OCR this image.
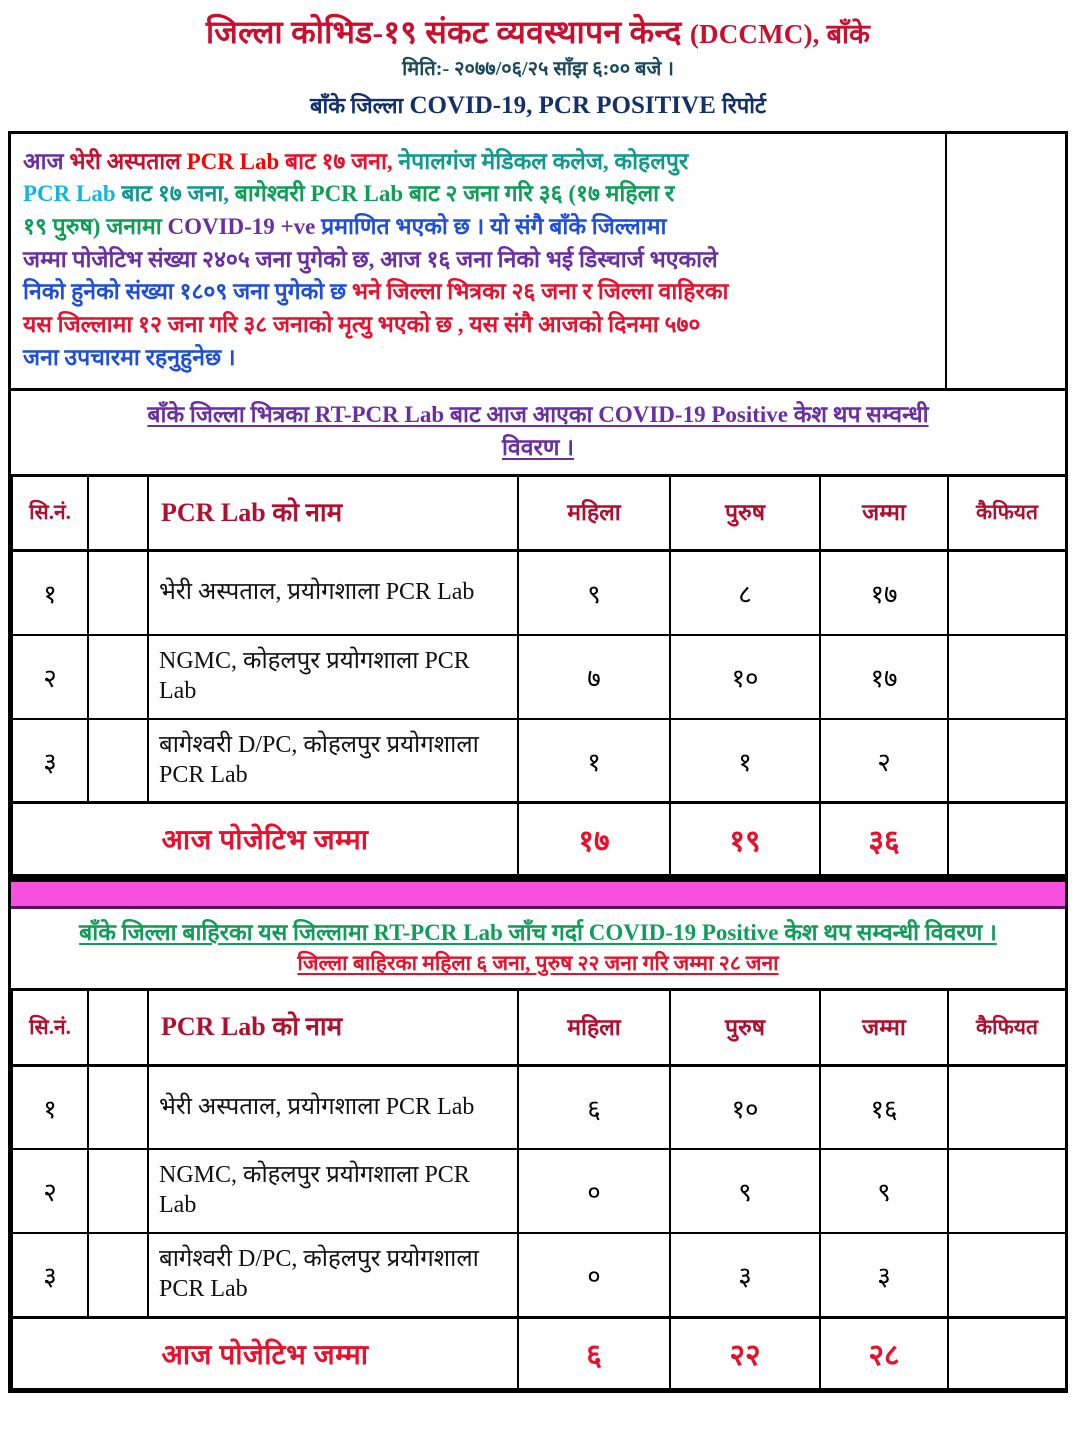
जिल्ला कोभिड-१९ संकट व्यवस्थापन केन्द (DCCMC), बाँके
मिति:- २०७७/०६/२५ साँझ ६:०० बजे ।
बाँके जिल्ला COVID-19, PCR POSITIVE रिपोर्ट
आज भेरी अस्पताल PCR Lab बाट १७ जना, नेपालगंज मेडिकल कलेज, कोहलपुर
PCR Lab बाट १७ जना, बागेश्वरी PCR Lab बाट २ जना गरि ३६ (१७ महिला र
१९ पुरुष) जनामा COVID-19 +ve प्रमाणित भएको छ । यो संगै बाँके जिल्लामा
जम्मा पोजेटिभ संख्या २४०५ जना पुगेको छ, आज १६ जना निको भई डिस्चार्ज भएकाले
निको हुनेको संख्या १८०९ जना पुगेको छ भने जिल्ला भित्रका २६ जना र जिल्ला वाहिरका
यस जिल्लामा १२ जना गरि ३८ जनाको मृत्यु भएको छ , यस संगै आजको दिनमा ५७०
जना उपचारमा रहनुहुनेछ ।
बाँके जिल्ला भित्रका RT-PCR Lab बाट आज आएका COVID-19 Positive केश थप सम्वन्धी
विवरण ।
सि.नं.		PCR Lab को नाम	महिला	पुरुष	जम्मा	कैफियत
१		भेरी अस्पताल, प्रयोगशाला PCR Lab	९	८	१७	
२		NGMC, कोहलपुर प्रयोगशाला PCR Lab	७	१०	१७	
३		बागेश्वरी D/PC, कोहलपुर प्रयोगशाला PCR Lab	१	१	२	
आज पोजेटिभ जम्मा			१७	१९	३६	
बाँके जिल्ला बाहिरका यस जिल्लामा RT-PCR Lab जाँच गर्दा COVID-19 Positive केश थप सम्वन्धी विवरण ।
जिल्ला बाहिरका महिला ६ जना, पुरुष २२ जना गरि जम्मा २८ जना
सि.नं.		PCR Lab को नाम	महिला	पुरुष	जम्मा	कैफियत
१		भेरी अस्पताल, प्रयोगशाला PCR Lab	६	१०	१६	
२		NGMC, कोहलपुर प्रयोगशाला PCR Lab	०	९	९	
३		बागेश्वरी D/PC, कोहलपुर प्रयोगशाला PCR Lab	०	३	३	
आज पोजेटिभ जम्मा			६	२२	२८	
